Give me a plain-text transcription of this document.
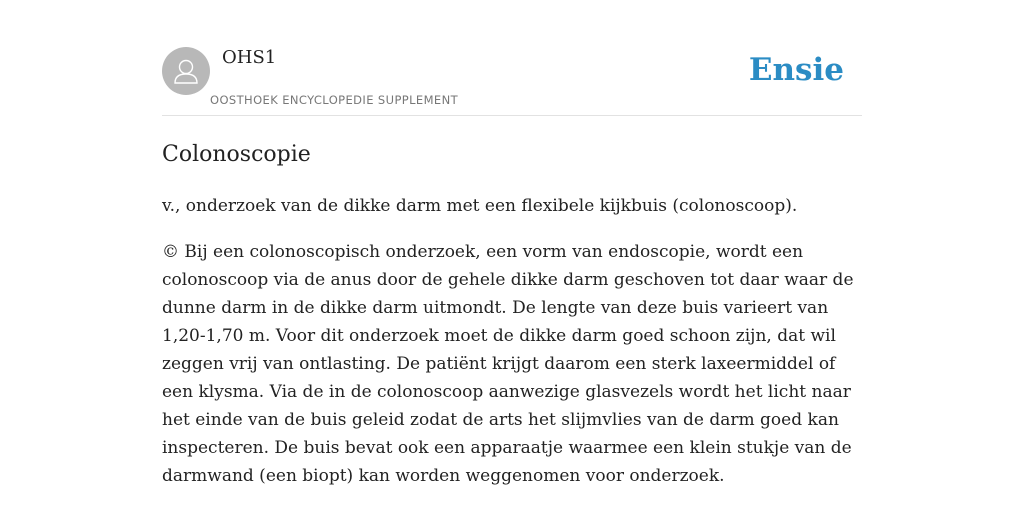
OHS1
OOSTHOEK ENCYCLOPEDIE SUPPLEMENT
Ensie
Colonoscopie

v., onderzoek van de dikke darm met een flexibele kijkbuis (colonoscoop).

© Bij een colonoscopisch onderzoek, een vorm van endoscopie, wordt een colonoscoop via de anus door de gehele dikke darm geschoven tot daar waar de dunne darm in de dikke darm uitmondt. De lengte van deze buis varieert van 1,20-1,70 m. Voor dit onderzoek moet de dikke darm goed schoon zijn, dat wil zeggen vrij van ontlasting. De patiënt krijgt daarom een sterk laxeermiddel of een klysma. Via de in de colonoscoop aanwezige glasvezels wordt het licht naar het einde van de buis geleid zodat de arts het slijmvlies van de darm goed kan inspecteren. De buis bevat ook een apparaatje waarmee een klein stukje van de darmwand (een biopt) kan worden weggenomen voor onderzoek.
